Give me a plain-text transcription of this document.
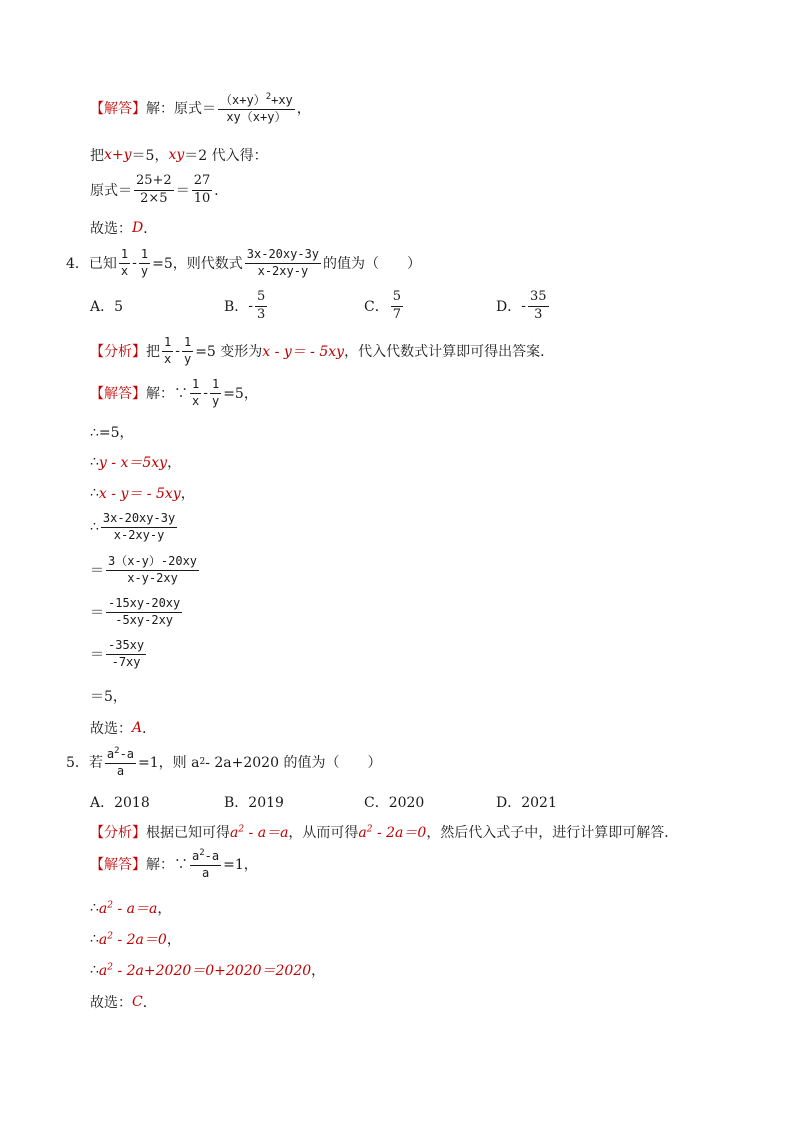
【解答】 解：原式＝ $\frac{(x+y)^2+xy}{xy(x+y)}$ ，
把 x+y ＝5， xy ＝2 代入得：
原式＝ $\frac{25+2}{2\times 5} = \frac{27}{10}$ ．
故选： D ．
4．已知 $\frac{1}{x} - \frac{1}{y} =5$，则代数式 $\frac{3x-20xy-3y}{x-2xy-y}$ 的值为（　　）
A．5	B． - $\frac{5}{3}$	C． $\frac{5}{7}$	D． - $\frac{35}{3}$
【分析】 把 $\frac{1}{x} - \frac{1}{y} =5$ 变形为 x - y＝ - 5xy ，代入代数式计算即可得出答案．
【解答】 解：∵ $\frac{1}{x} - \frac{1}{y} =5$，
∴=5，
∴ y - x＝5xy ，
∴ x - y＝ - 5xy ，
∴ $\frac{3x-20xy-3y}{x-2xy-y}$
＝ $\frac{3(x-y)-20xy}{x-y-2xy}$
＝ $\frac{-15xy-20xy}{-5xy-2xy}$
＝ $\frac{-35xy}{-7xy}$
＝5，
故选： A ．
5．若 $\frac{a^2-a}{a} =1$，则 a 2 - 2a+2020 的值为（　　）
A．2018	B．2019	C．2020	D．2021
【分析】 根据已知可得 $a^2 - a=a$ ，从而可得 $a^2 - 2a=0$ ，然后代入式子中，进行计算即可解答．
【解答】 解：∵ $\frac{a^2-a}{a} =1$，
∴ $a^2 - a=a$ ，
∴ $a^2 - 2a=0$ ，
∴ $a^2 - 2a+2020=0+2020=2020$ ，
故选： C ．
